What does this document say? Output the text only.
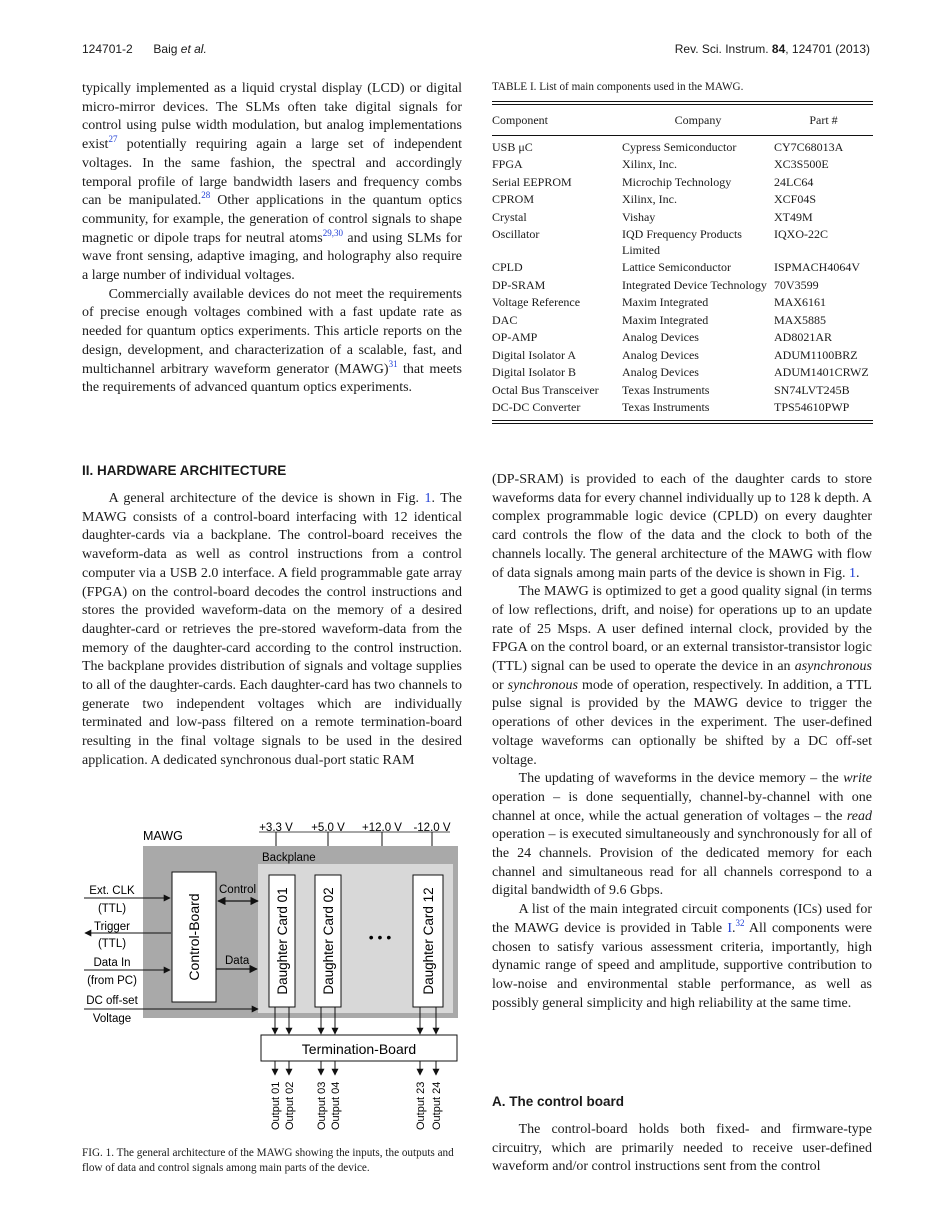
124701-2 Baig et al.	Rev. Sci. Instrum. 84, 124701 (2013)

typically implemented as a liquid crystal display (LCD) or digital micro-mirror devices. The SLMs often take digital signals for control using pulse width modulation, but analog implementations exist$^{27}$ potentially requiring again a large set of independent voltages. In the same fashion, the spectral and accordingly temporal profile of large bandwidth lasers and frequency combs can be manipulated.$^{28}$ Other applications in the quantum optics community, for example, the generation of control signals to shape magnetic or dipole traps for neutral atoms$^{29,30}$ and using SLMs for wave front sensing, adaptive imaging, and holography also require a large number of individual voltages.

Commercially available devices do not meet the requirements of precise enough voltages combined with a fast update rate as needed for quantum optics experiments. This article reports on the design, development, and characterization of a scalable, fast, and multichannel arbitrary waveform generator (MAWG)$^{31}$ that meets the requirements of advanced quantum optics experiments.

II. HARDWARE ARCHITECTURE

A general architecture of the device is shown in Fig. 1. The MAWG consists of a control-board interfacing with 12 identical daughter-cards via a backplane. The control-board receives the waveform-data as well as control instructions from a control computer via a USB 2.0 interface. A field programmable gate array (FPGA) on the control-board decodes the control instructions and stores the provided waveform-data on the memory of a desired daughter-card or retrieves the pre-stored waveform-data from the memory of the daughter-card according to the control instruction. The backplane provides distribution of signals and voltage supplies to all of the daughter-cards. Each daughter-card has two channels to generate two independent voltages which are individually terminated and low-pass filtered on a remote termination-board resulting in the final voltage signals to be used in the desired application. A dedicated synchronous dual-port static RAM

MAWG
Backplane
+3.3 V +5.0 V +12.0 V -12.0 V
Control-Board	Daughter Card 01 Daughter Card 02 • • • Daughter Card 12
Control
Data
Ext. CLK
(TTL)
Trigger
(TTL)
Data In
(from PC)
DC off-set
Voltage
Termination-Board
Output 01 Output 02 Output 03 Output 04	Output 23 Output 24
FIG. 1. The general architecture of the MAWG showing the inputs, the outputs and flow of data and control signals among main parts of the device.
TABLE I. List of main components used in the MAWG.
Component	Company	Part #
USB μC	Cypress Semiconductor	CY7C68013A
FPGA	Xilinx, Inc.	XC3S500E
Serial EEPROM	Microchip Technology	24LC64
CPROM	Xilinx, Inc.	XCF04S
Crystal	Vishay	XT49M
Oscillator	IQD Frequency Products Limited	IQXO-22C
CPLD	Lattice Semiconductor	ISPMACH4064V
DP-SRAM	Integrated Device Technology	70V3599
Voltage Reference	Maxim Integrated	MAX6161
DAC	Maxim Integrated	MAX5885
OP-AMP	Analog Devices	AD8021AR
Digital Isolator A	Analog Devices	ADUM1100BRZ
Digital Isolator B	Analog Devices	ADUM1401CRWZ
Octal Bus Transceiver	Texas Instruments	SN74LVT245B
DC-DC Converter	Texas Instruments	TPS54610PWP

(DP-SRAM) is provided to each of the daughter cards to store waveforms data for every channel individually up to 128 k depth. A complex programmable logic device (CPLD) on every daughter card controls the flow of the data and the clock to both of the channels locally. The general architecture of the MAWG with flow of data signals among main parts of the device is shown in Fig. 1.

The MAWG is optimized to get a good quality signal (in terms of low reflections, drift, and noise) for operations up to an update rate of 25 Msps. A user defined internal clock, provided by the FPGA on the control board, or an external transistor-transistor logic (TTL) signal can be used to operate the device in an asynchronous or synchronous mode of operation, respectively. In addition, a TTL pulse signal is provided by the MAWG device to trigger the operations of other devices in the experiment. The user-defined voltage waveforms can optionally be shifted by a DC off-set voltage.

The updating of waveforms in the device memory – the write operation – is done sequentially, channel-by-channel with one channel at once, while the actual generation of voltages – the read operation – is executed simultaneously and synchronously for all of the 24 channels. Provision of the dedicated memory for each channel and simultaneous read for all channels correspond to a digital bandwidth of 9.6 Gbps.

A list of the main integrated circuit components (ICs) used for the MAWG device is provided in Table I.$^{32}$ All components were chosen to satisfy various assessment criteria, importantly, high dynamic range of speed and amplitude, supportive contribution to low-noise and environmental stable performance, as well as possibly general simplicity and high reliability at the same time.

A. The control board

The control-board holds both fixed- and firmware-type circuitry, which are primarily needed to receive user-defined waveform and/or control instructions sent from the control
